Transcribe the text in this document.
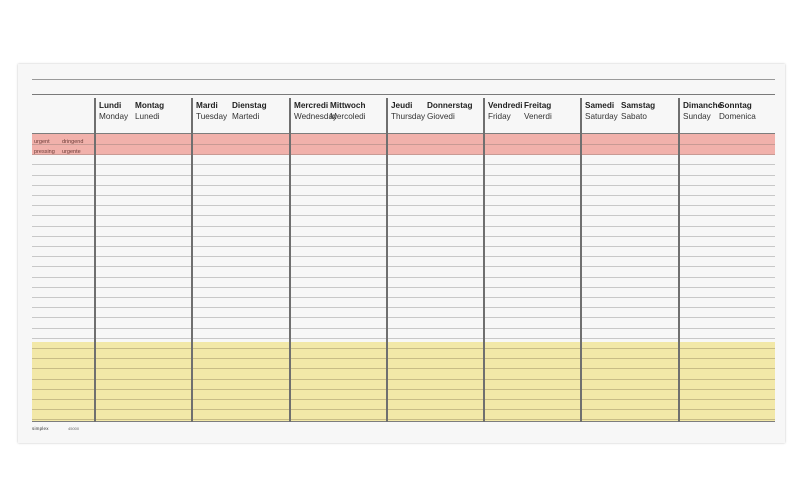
urgent dringend
pressing urgente
Lundi
Monday
Montag
Lunedi
Mardi
Tuesday
Dienstag
Martedi
Mercredi
Wednesday
Mittwoch
Mercoledi
Jeudi
Thursday
Donnerstag
Giovedi
Vendredi
Friday
Freitag
Venerdi
Samedi
Saturday
Samstag
Sabato
Dimanche
Sunday
Sonntag
Domenica
simplex	45000
